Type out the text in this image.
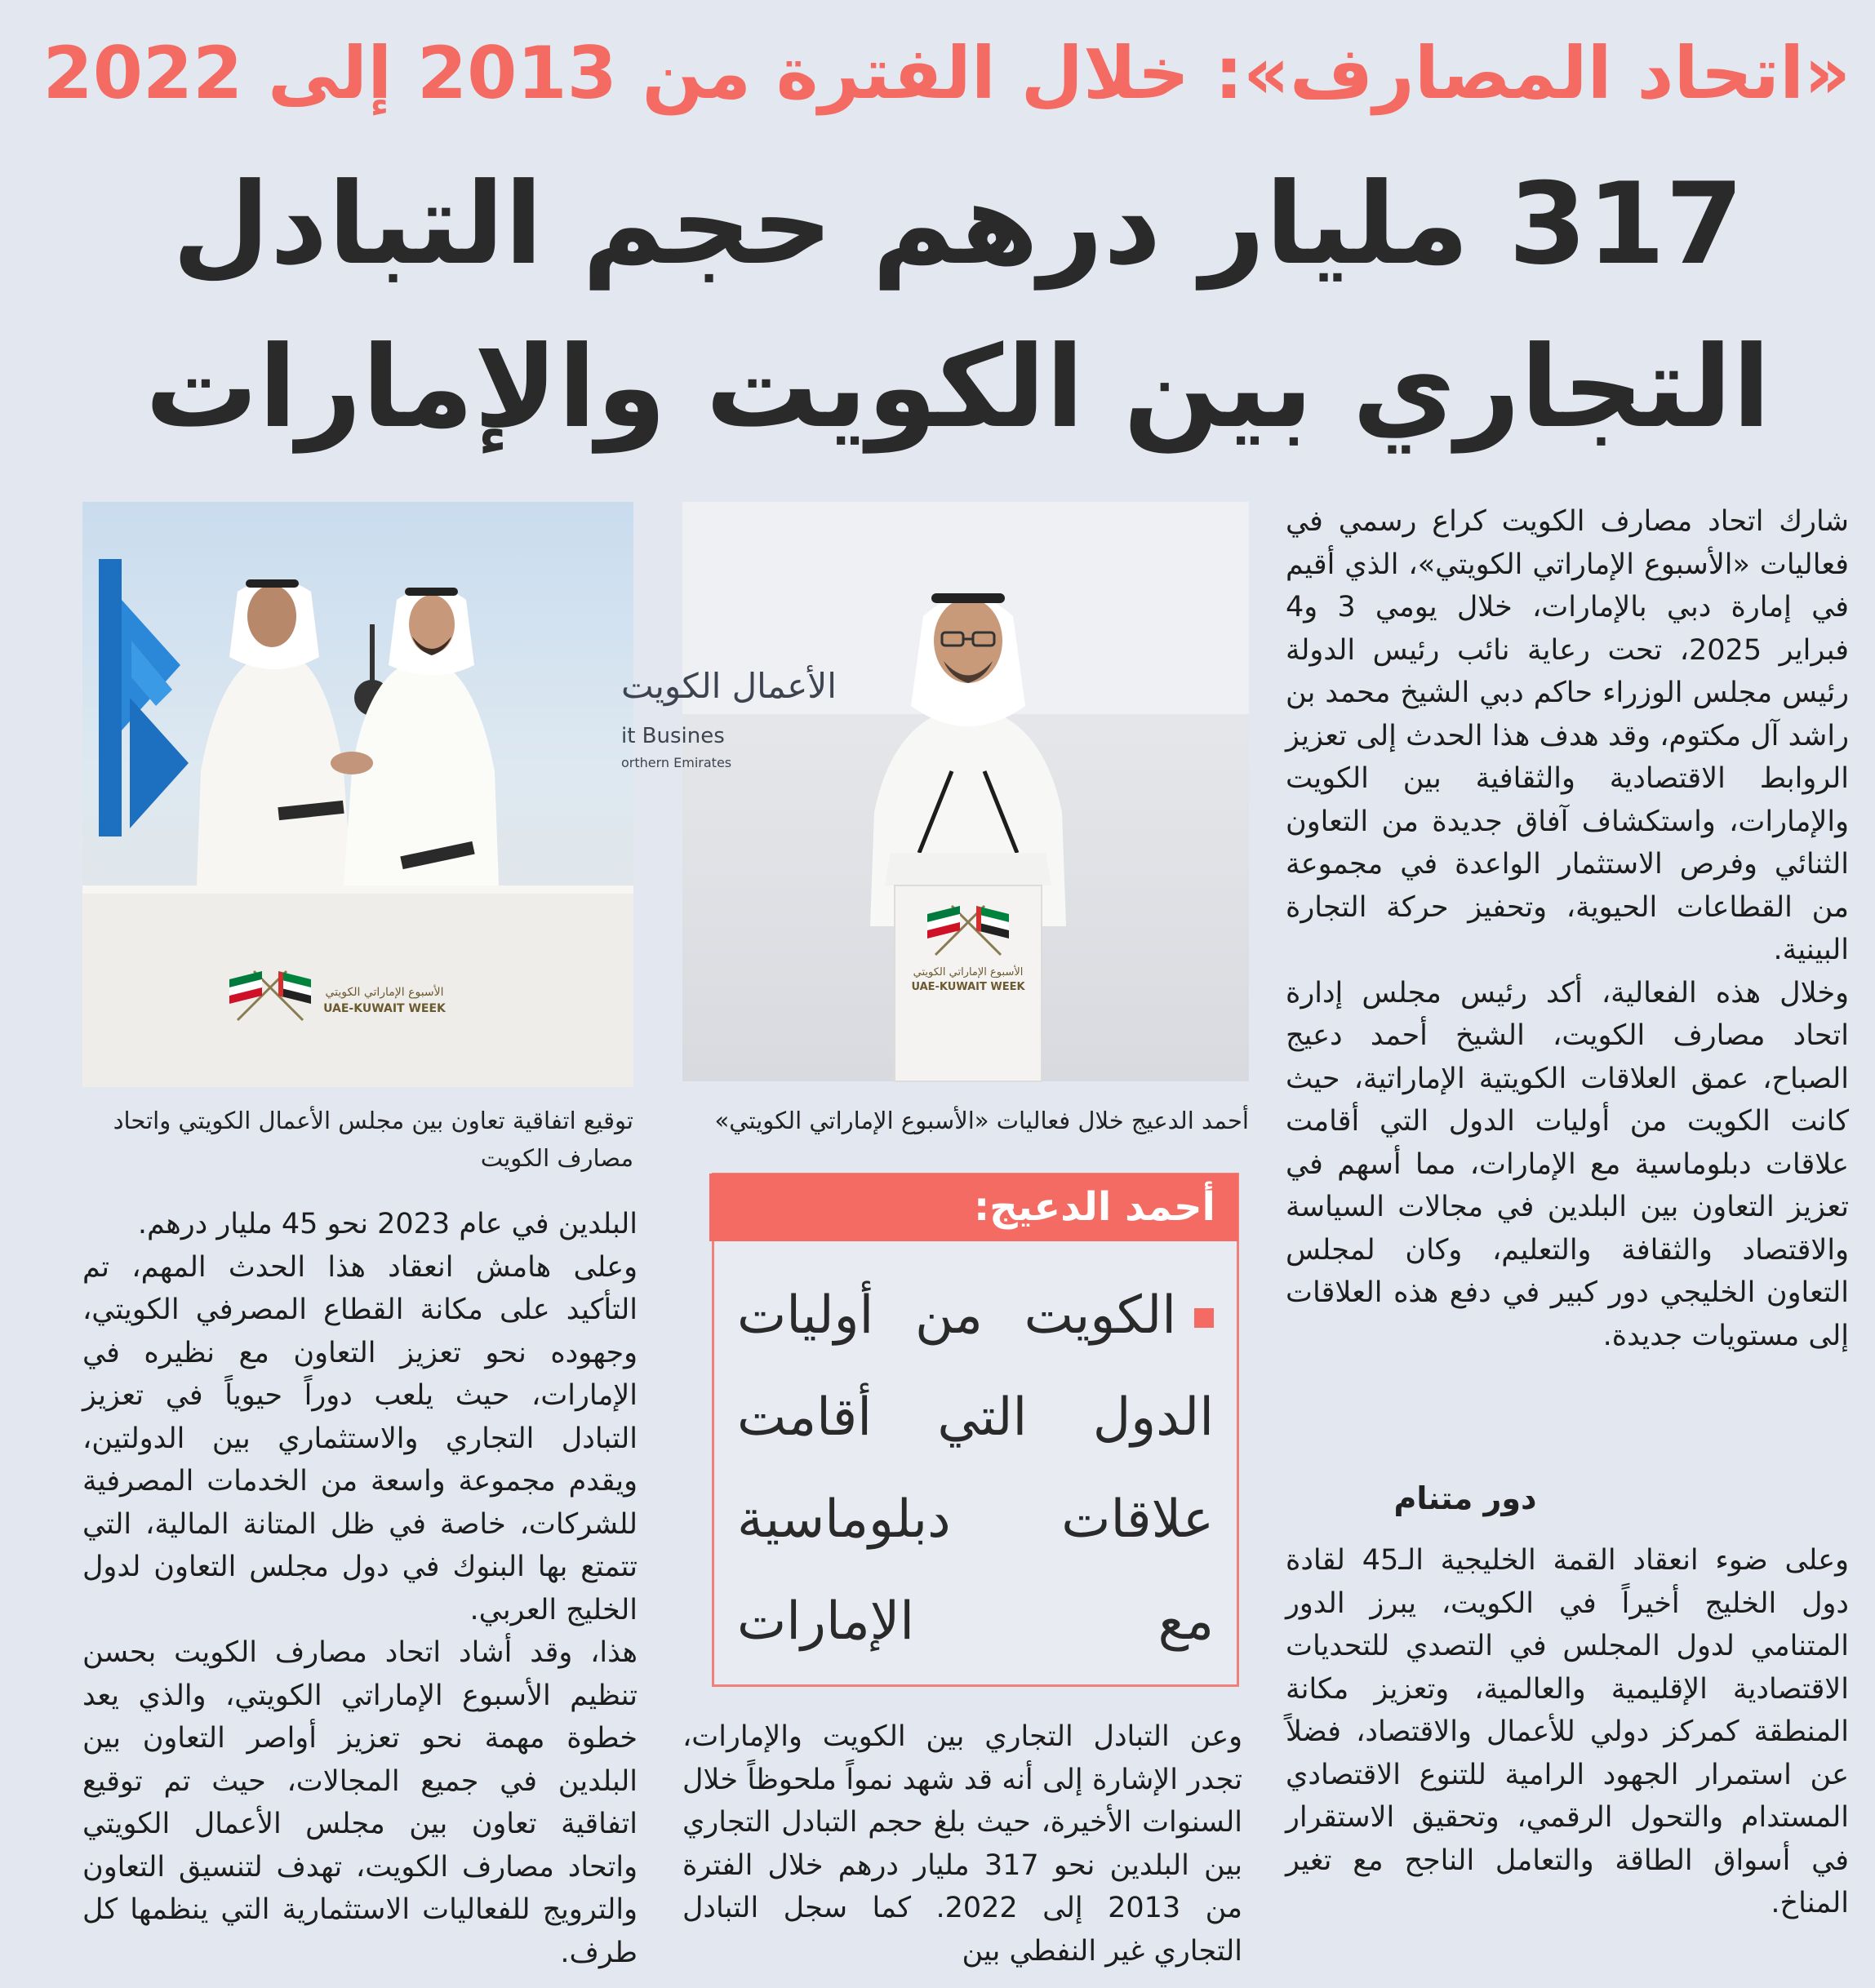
«اتحاد المصارف»: خلال الفترة من 2013 إلى 2022
317 مليار درهم حجم التبادل
التجاري بين الكويت والإمارات

شارك اتحاد مصارف الكويت كراع رسمي في فعاليات «الأسبوع الإماراتي الكويتي»، الذي أقيم في إمارة دبي بالإمارات، خلال يومي 3 و4 فبراير 2025، تحت رعاية نائب رئيس الدولة رئيس مجلس الوزراء حاكم دبي الشيخ محمد بن راشد آل مكتوم، وقد هدف هذا الحدث إلى تعزيز الروابط الاقتصادية والثقافية بين الكويت والإمارات، واستكشاف آفاق جديدة من التعاون الثنائي وفرص الاستثمار الواعدة في مجموعة من القطاعات الحيوية، وتحفيز حركة التجارة البينية.

وخلال هذه الفعالية، أكد رئيس مجلس إدارة اتحاد مصارف الكويت، الشيخ أحمد دعيج الصباح، عمق العلاقات الكويتية الإماراتية، حيث كانت الكويت من أوليات الدول التي أقامت علاقات دبلوماسية مع الإمارات، مما أسهم في تعزيز التعاون بين البلدين في مجالات السياسة والاقتصاد والثقافة والتعليم، وكان لمجلس التعاون الخليجي دور كبير في دفع هذه العلاقات إلى مستويات جديدة.

دور متنام

وعلى ضوء انعقاد القمة الخليجية الـ45 لقادة دول الخليج أخيراً في الكويت، يبرز الدور المتنامي لدول المجلس في التصدي للتحديات الاقتصادية الإقليمية والعالمية، وتعزيز مكانة المنطقة كمركز دولي للأعمال والاقتصاد، فضلاً عن استمرار الجهود الرامية للتنوع الاقتصادي المستدام والتحول الرقمي، وتحقيق الاستقرار في أسواق الطاقة والتعامل الناجح مع تغير المناخ.

الأسبوع الإماراتي الكويتي
UAE-KUWAIT WEEK
أحمد الدعيج خلال فعاليات «الأسبوع الإماراتي الكويتي»
الأعمال الكويت
it Busines
orthern Emirates
الأسبوع الإماراتي الكويتي
UAE-KUWAIT WEEK
توقيع اتفاقية تعاون بين مجلس الأعمال الكويتي واتحاد مصارف الكويت
أحمد الدعيج:
الكويت من أوليات
الدول التي أقامت
علاقات دبلوماسية
مع الإمارات

وعن التبادل التجاري بين الكويت والإمارات، تجدر الإشارة إلى أنه قد شهد نمواً ملحوظاً خلال السنوات الأخيرة، حيث بلغ حجم التبادل التجاري بين البلدين نحو 317 مليار درهم خلال الفترة من 2013 إلى 2022. كما سجل التبادل التجاري غير النفطي بين

البلدين في عام 2023 نحو 45 مليار درهم.

وعلى هامش انعقاد هذا الحدث المهم، تم التأكيد على مكانة القطاع المصرفي الكويتي، وجهوده نحو تعزيز التعاون مع نظيره في الإمارات، حيث يلعب دوراً حيوياً في تعزيز التبادل التجاري والاستثماري بين الدولتين، ويقدم مجموعة واسعة من الخدمات المصرفية للشركات، خاصة في ظل المتانة المالية، التي تتمتع بها البنوك في دول مجلس التعاون لدول الخليج العربي.

هذا، وقد أشاد اتحاد مصارف الكويت بحسن تنظيم الأسبوع الإماراتي الكويتي، والذي يعد خطوة مهمة نحو تعزيز أواصر التعاون بين البلدين في جميع المجالات، حيث تم توقيع اتفاقية تعاون بين مجلس الأعمال الكويتي واتحاد مصارف الكويت، تهدف لتنسيق التعاون والترويج للفعاليات الاستثمارية التي ينظمها كل طرف.
